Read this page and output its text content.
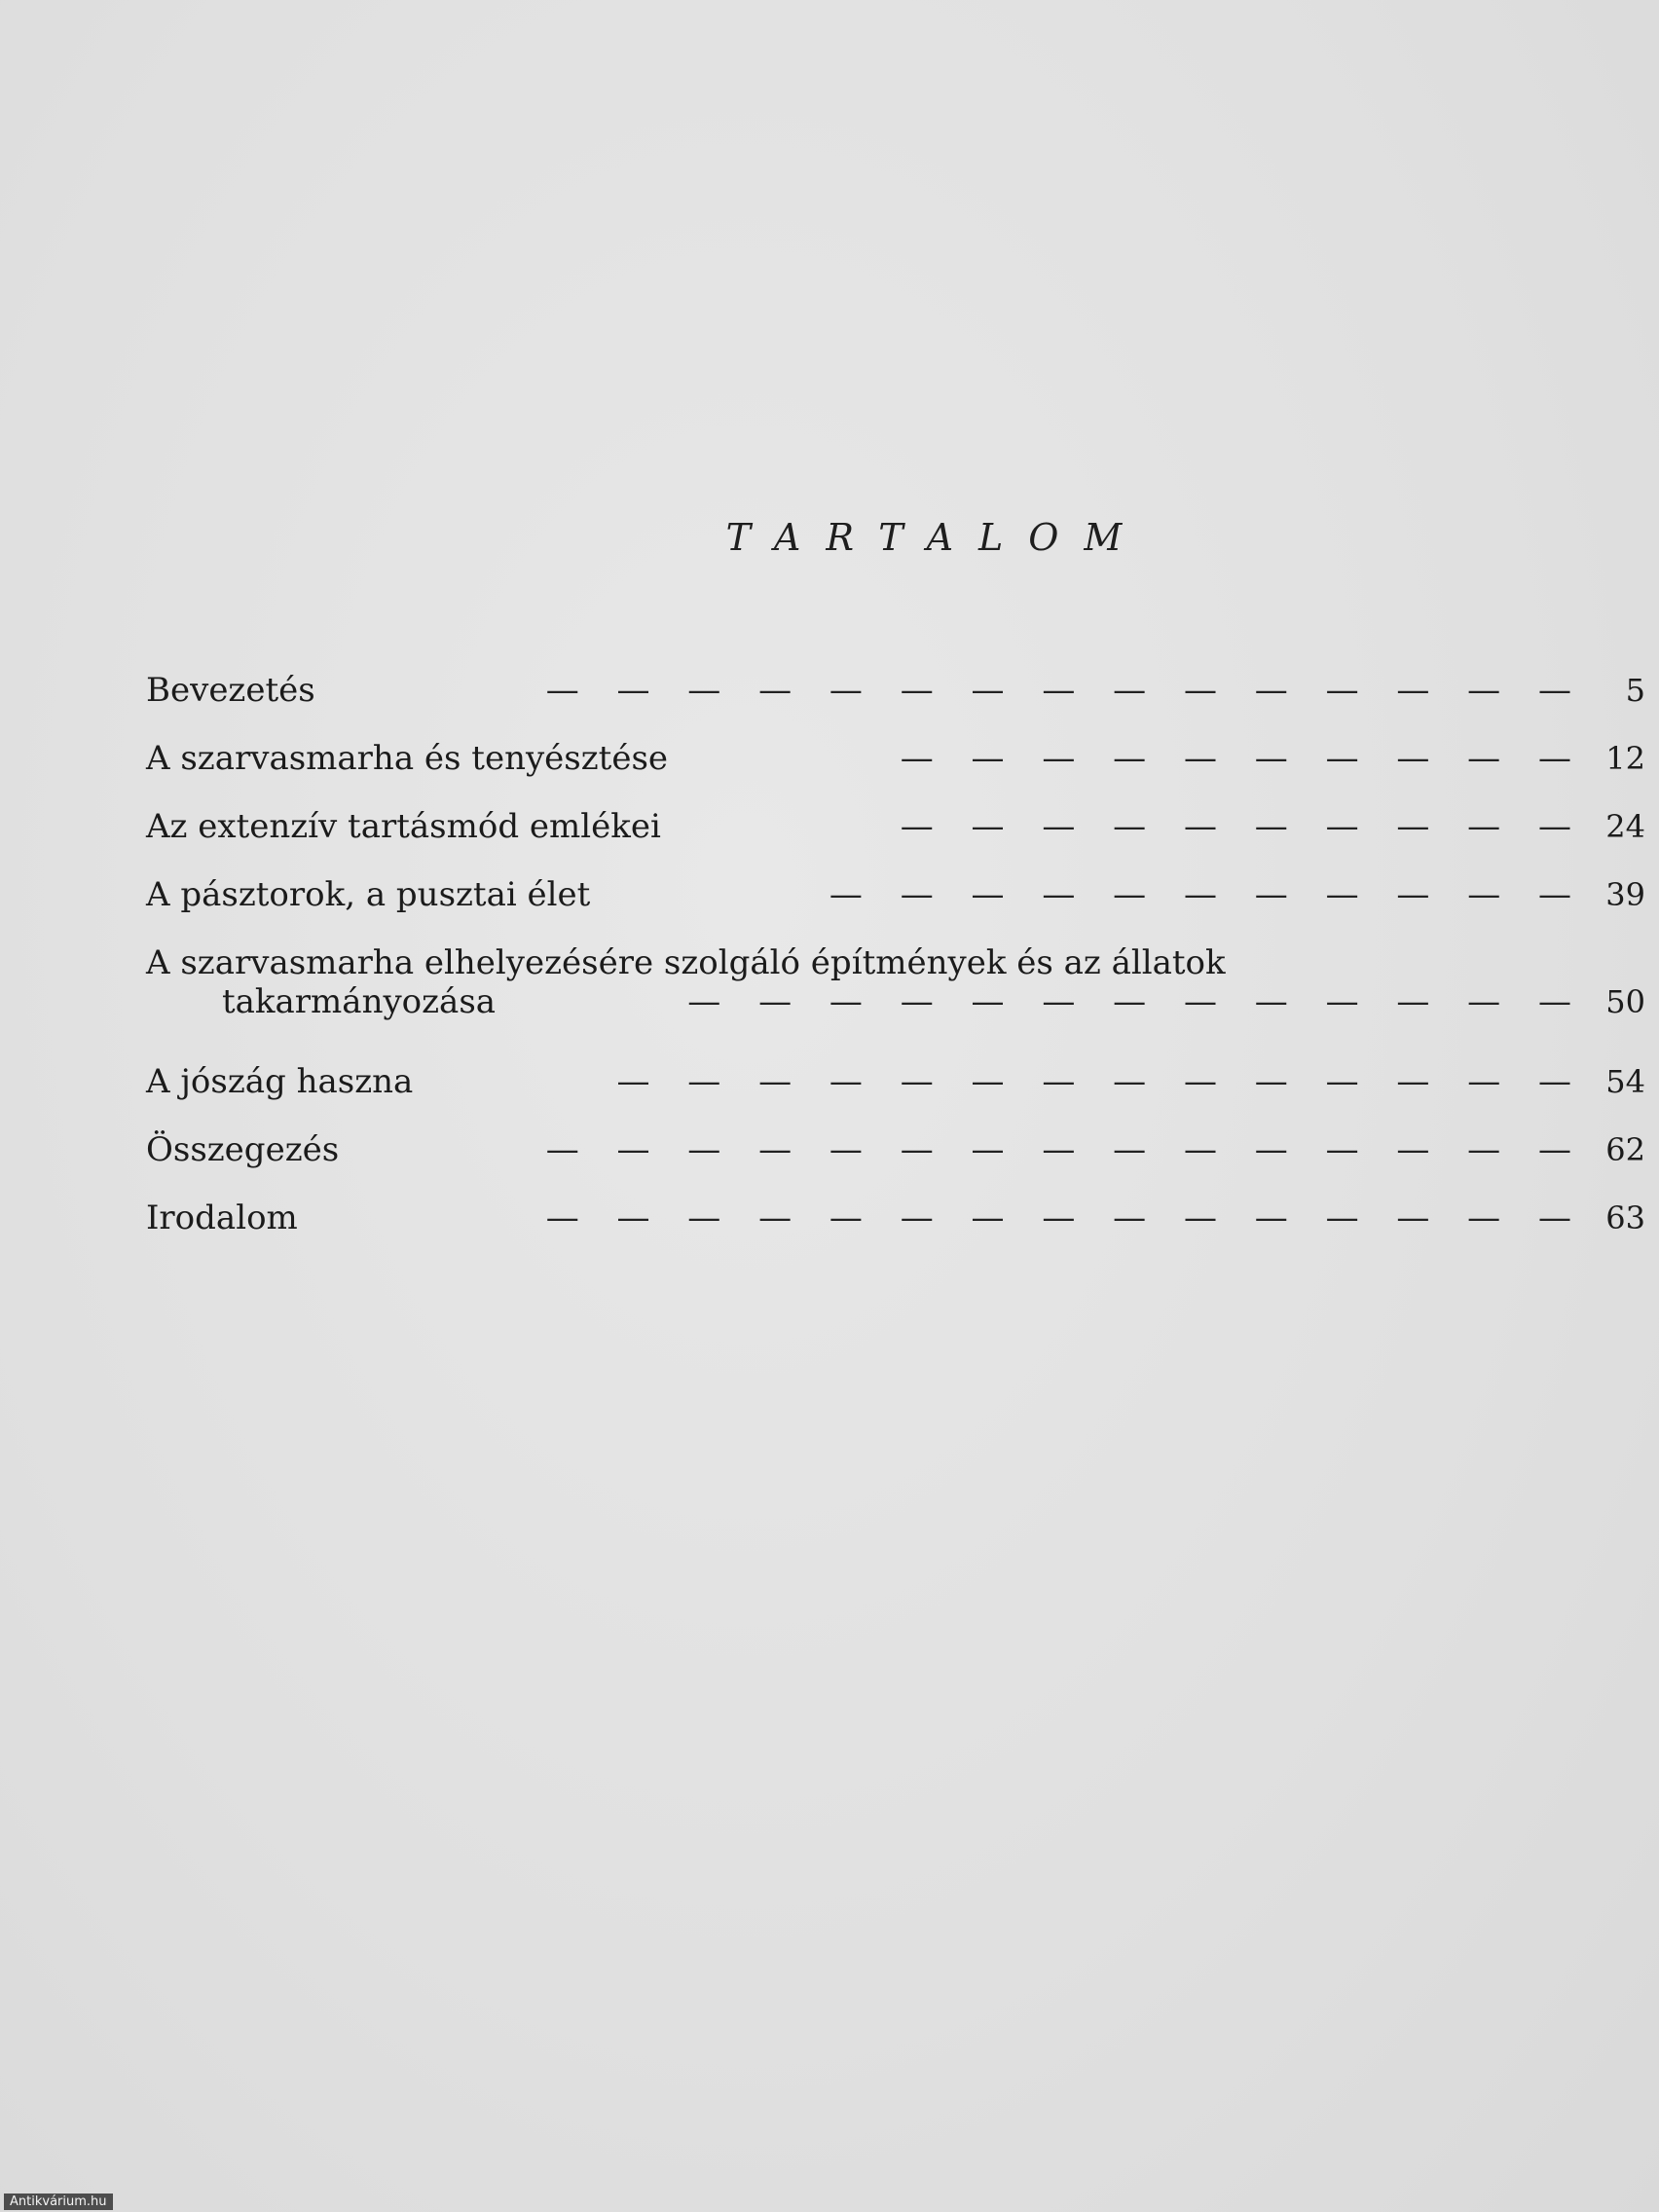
TARTALOM
Bevezetés	— — — — — — — — — — — — — — —	5
A szarvasmarha és tenyésztése	— — — — — — — — — — 12
Az extenzív tartásmód emlékei	— — — — — — — — — — 24
A pásztorok, a pusztai élet	— — — — — — — — — — — 39
A szarvasmarha elhelyezésére szolgáló építmények és az állatok
takarmányozása	— — — — — — — — — — — — — 50
A jószág haszna	— — — — — — — — — — — — — — 54
Összegezés	— — — — — — — — — — — — — — — 62
Irodalom	— — — — — — — — — — — — — — — 63
Antikvárium.hu
